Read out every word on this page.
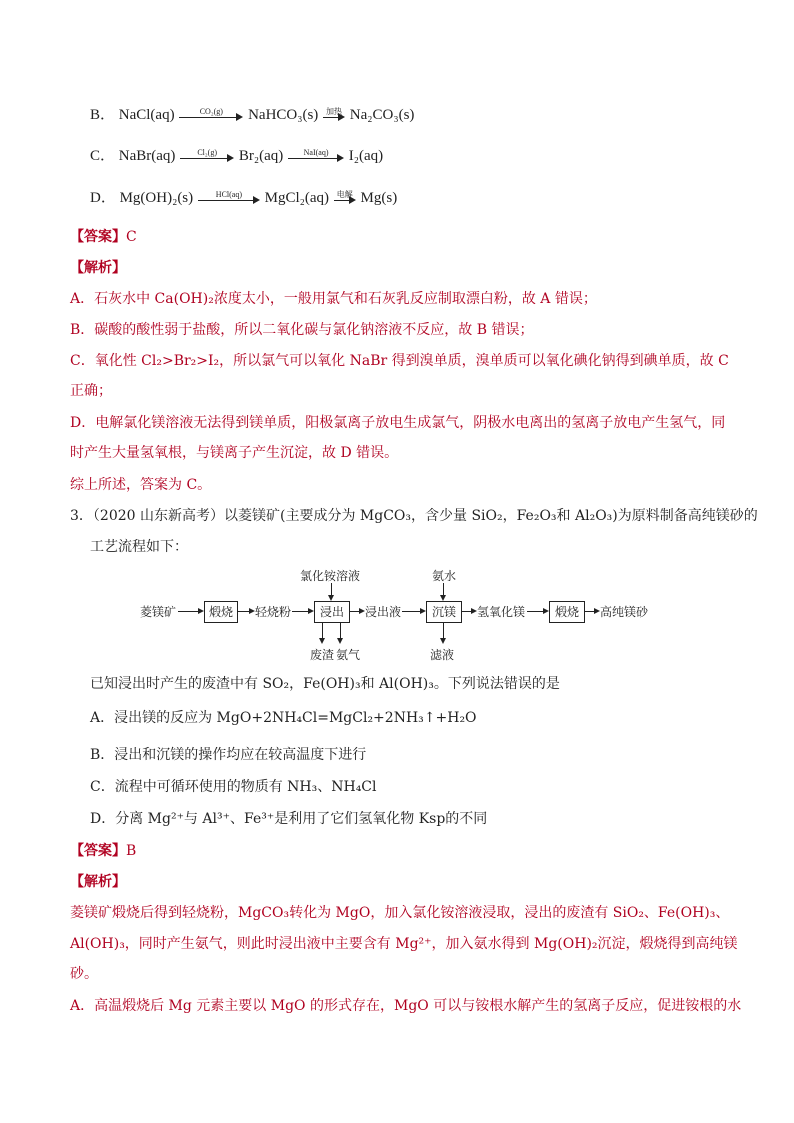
B． NaCl(aq)	CO₂(g)	NaHCO₃(s) 加热 Na₂CO₃(s)
C． NaBr(aq)	Cl₂(g)	Br₂(aq)	NaI(aq)	I₂(aq)
D． Mg(OH)₂(s)	HCl(aq)	MgCl₂(aq) 电解 Mg(s)
【答案】C
【解析】
A．石灰水中 Ca(OH)₂浓度太小，一般用氯气和石灰乳反应制取漂白粉，故 A 错误；
B．碳酸的酸性弱于盐酸，所以二氧化碳与氯化钠溶液不反应，故 B 错误；
C．氧化性 Cl₂>Br₂>I₂，所以氯气可以氧化 NaBr 得到溴单质，溴单质可以氧化碘化钠得到碘单质，故 C
正确；
D．电解氯化镁溶液无法得到镁单质，阳极氯离子放电生成氯气，阴极水电离出的氢离子放电产生氢气，同
时产生大量氢氧根，与镁离子产生沉淀，故 D 错误。
综上所述，答案为 C。
3．（2020 山东新高考）以菱镁矿(主要成分为 MgCO₃，含少量 SiO₂，Fe₂O₃和 Al₂O₃)为原料制备高纯镁砂的
工艺流程如下：
菱镁矿	煅烧	轻烧粉	浸出
氯化铵溶液
废渣 氨气
浸出液	沉镁
氨水
滤液
氢氧化镁	煅烧	高纯镁砂
已知浸出时产生的废渣中有 SO₂，Fe(OH)₃和 Al(OH)₃。下列说法错误的是
A．浸出镁的反应为 MgO+2NH₄Cl=MgCl₂+2NH₃↑+H₂O
B．浸出和沉镁的操作均应在较高温度下进行
C．流程中可循环使用的物质有 NH₃、NH₄Cl
D．分离 Mg²⁺与 Al³⁺、Fe³⁺是利用了它们氢氧化物 Ksp的不同
【答案】B
【解析】
菱镁矿煅烧后得到轻烧粉，MgCO₃转化为 MgO，加入氯化铵溶液浸取，浸出的废渣有 SiO₂、Fe(OH)₃、
Al(OH)₃，同时产生氨气，则此时浸出液中主要含有 Mg²⁺，加入氨水得到 Mg(OH)₂沉淀，煅烧得到高纯镁
砂。
A．高温煅烧后 Mg 元素主要以 MgO 的形式存在，MgO 可以与铵根水解产生的氢离子反应，促进铵根的水
